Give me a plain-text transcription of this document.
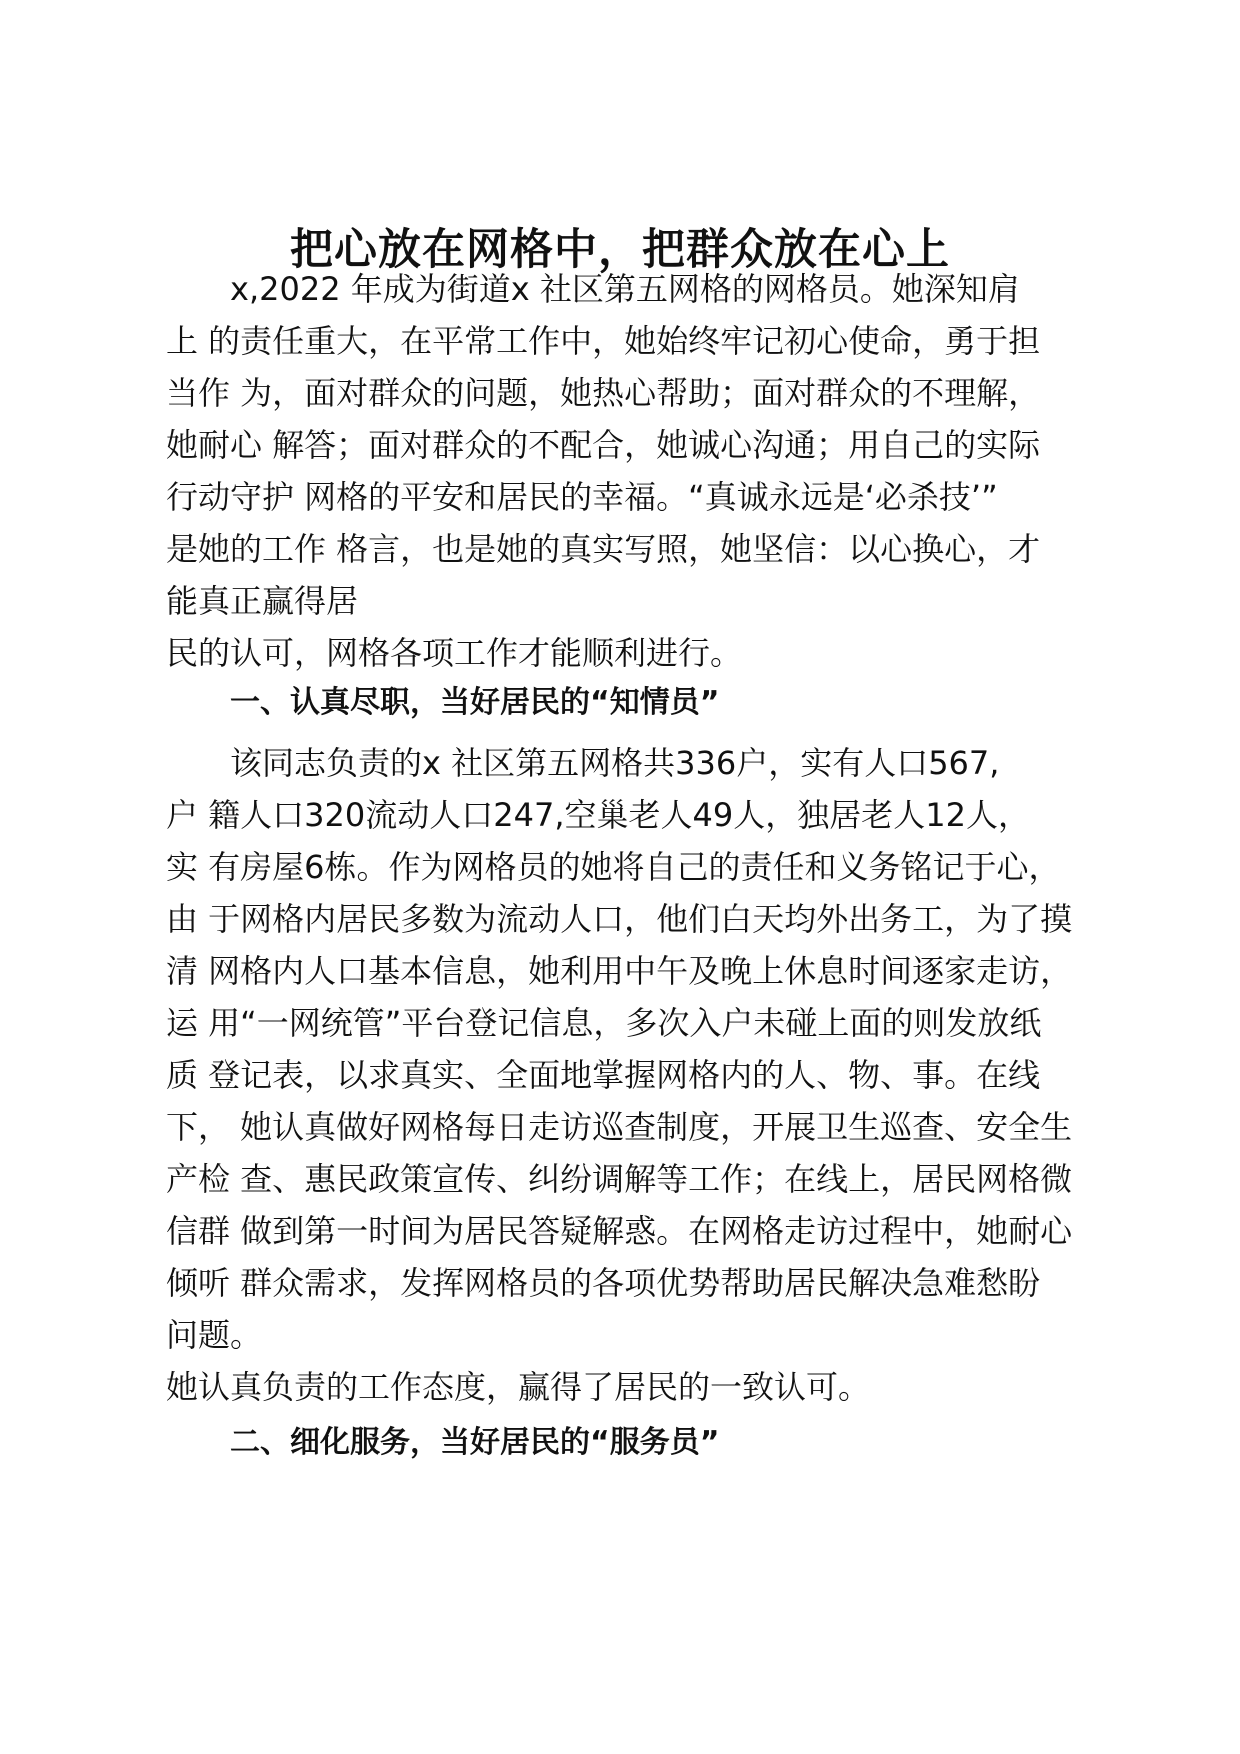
把心放在网格中，把群众放在心上
x,2022 年成为街道x 社区第五网格的网格员。她深知肩
上 的责任重大，在平常工作中，她始终牢记初心使命，勇于担
当作 为，面对群众的问题，她热心帮助；面对群众的不理解，
她耐心 解答；面对群众的不配合，她诚心沟通；用自己的实际
行动守护 网格的平安和居民的幸福。“真诚永远是‘必杀技’”
是她的工作 格言，也是她的真实写照，她坚信：以心换心，才
能真正赢得居
民的认可，网格各项工作才能顺利进行。
一、认真尽职，当好居民的“知情员”
该同志负责的x 社区第五网格共336户，实有人口567,
户 籍人口320流动人口247,空巢老人49人，独居老人12人，
实 有房屋6栋。作为网格员的她将自己的责任和义务铭记于心，
由 于网格内居民多数为流动人口，他们白天均外出务工，为了摸
清 网格内人口基本信息，她利用中午及晚上休息时间逐家走访，
运 用“一网统管”平台登记信息，多次入户未碰上面的则发放纸
质 登记表，以求真实、全面地掌握网格内的人、物、事。在线
下， 她认真做好网格每日走访巡查制度，开展卫生巡查、安全生
产检 查、惠民政策宣传、纠纷调解等工作；在线上，居民网格微
信群 做到第一时间为居民答疑解惑。在网格走访过程中，她耐心
倾听 群众需求，发挥网格员的各项优势帮助居民解决急难愁盼
问题。
她认真负责的工作态度，赢得了居民的一致认可。
二、细化服务，当好居民的“服务员”
